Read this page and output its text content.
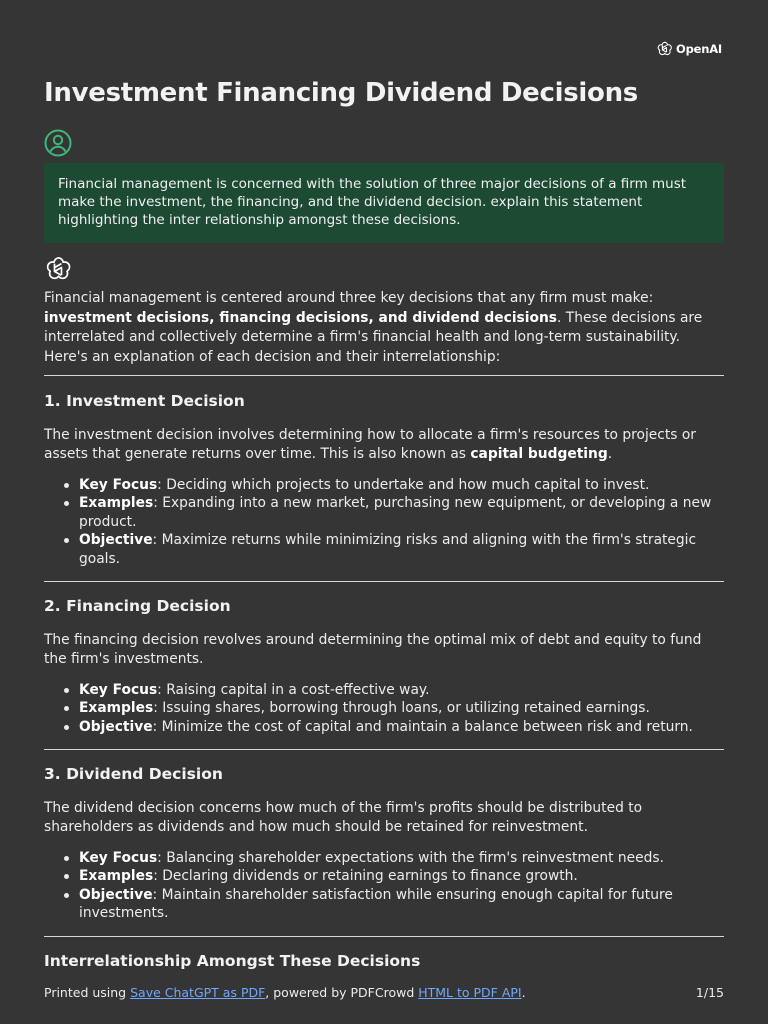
OpenAI
Investment Financing Dividend Decisions
Financial management is concerned with the solution of three major decisions of a firm must make the investment, the financing, and the dividend decision. explain this statement highlighting the inter relationship amongst these decisions.

Financial management is centered around three key decisions that any firm must make: investment decisions, financing decisions, and dividend decisions. These decisions are interrelated and collectively determine a firm's financial health and long-term sustainability. Here's an explanation of each decision and their interrelationship:

1. Investment Decision

The investment decision involves determining how to allocate a firm's resources to projects or assets that generate returns over time. This is also known as capital budgeting.

Key Focus: Deciding which projects to undertake and how much capital to invest.
Examples: Expanding into a new market, purchasing new equipment, or developing a new product.
Objective: Maximize returns while minimizing risks and aligning with the firm's strategic goals.
2. Financing Decision

The financing decision revolves around determining the optimal mix of debt and equity to fund the firm's investments.

Key Focus: Raising capital in a cost-effective way.
Examples: Issuing shares, borrowing through loans, or utilizing retained earnings.
Objective: Minimize the cost of capital and maintain a balance between risk and return.
3. Dividend Decision

The dividend decision concerns how much of the firm's profits should be distributed to shareholders as dividends and how much should be retained for reinvestment.

Key Focus: Balancing shareholder expectations with the firm's reinvestment needs.
Examples: Declaring dividends or retaining earnings to finance growth.
Objective: Maintain shareholder satisfaction while ensuring enough capital for future investments.
Interrelationship Amongst These Decisions
Printed using Save ChatGPT as PDF, powered by PDFCrowd HTML to PDF API.	1/15
